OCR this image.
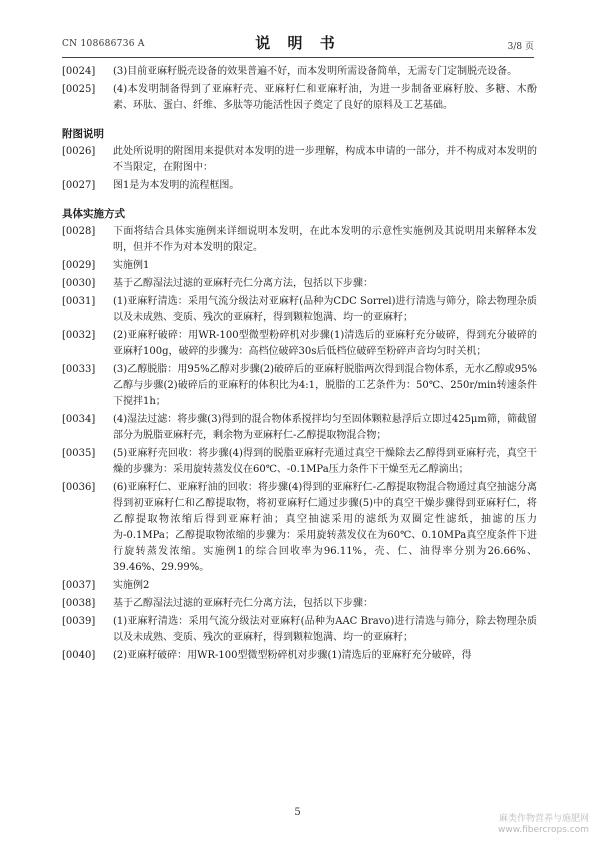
CN 108686736 A	说 明 书	3/8 页
[0024] (3)目前亚麻籽脱壳设备的效果普遍不好，而本发明所需设备简单，无需专门定制脱壳设备。
[0025] (4)本发明制备得到了亚麻籽壳、亚麻籽仁和亚麻籽油，为进一步制备亚麻籽胶、多糖、木酚素、环肽、蛋白、纤维、多肽等功能活性因子奠定了良好的原料及工艺基础。
附图说明
[0026] 此处所说明的附图用来提供对本发明的进一步理解，构成本申请的一部分，并不构成对本发明的不当限定，在附图中：
[0027] 图1是为本发明的流程框图。
具体实施方式
[0028] 下面将结合具体实施例来详细说明本发明，在此本发明的示意性实施例及其说明用来解释本发明，但并不作为对本发明的限定。
[0029] 实施例1
[0030] 基于乙醇湿法过滤的亚麻籽壳仁分离方法，包括以下步骤：
[0031] (1)亚麻籽清选：采用气流分级法对亚麻籽(品种为CDC Sorrel)进行清选与筛分，除去物理杂质以及未成熟、变质、残次的亚麻籽，得到颗粒饱满、均一的亚麻籽；
[0032] (2)亚麻籽破碎：用WR-100型微型粉碎机对步骤(1)清选后的亚麻籽充分破碎，得到充分破碎的亚麻籽100g，破碎的步骤为：高档位破碎30s后低档位破碎至粉碎声音均匀时关机；
[0033] (3)乙醇脱脂：用95%乙醇对步骤(2)破碎后的亚麻籽脱脂两次得到混合物体系，无水乙醇或95%乙醇与步骤(2)破碎后的亚麻籽的体积比为4:1，脱脂的工艺条件为：50℃、250r/min转速条件下搅拌1h；
[0034] (4)湿法过滤：将步骤(3)得到的混合物体系搅拌均匀至固体颗粒悬浮后立即过425μm筛，筛截留部分为脱脂亚麻籽壳，剩余物为亚麻籽仁-乙醇提取物混合物；
[0035] (5)亚麻籽壳回收：将步骤(4)得到的脱脂亚麻籽壳通过真空干燥除去乙醇得到亚麻籽壳，真空干燥的步骤为：采用旋转蒸发仪在60℃、-0.1MPa压力条件下干燥至无乙醇滴出；
[0036] (6)亚麻籽仁、亚麻籽油的回收：将步骤(4)得到的亚麻籽仁-乙醇提取物混合物通过真空抽滤分离得到初亚麻籽仁和乙醇提取物，将初亚麻籽仁通过步骤(5)中的真空干燥步骤得到亚麻籽仁，将乙醇提取物浓缩后得到亚麻籽油；真空抽滤采用的滤纸为双圈定性滤纸，抽滤的压力为-0.1MPa；乙醇提取物浓缩的步骤为：采用旋转蒸发仪在为60℃、0.10MPa真空度条件下进行旋转蒸发浓缩。实施例1的综合回收率为96.11%，壳、仁、油得率分别为26.66%、39.46%、29.99%。
[0037] 实施例2
[0038] 基于乙醇湿法过滤的亚麻籽壳仁分离方法，包括以下步骤：
[0039] (1)亚麻籽清选：采用气流分级法对亚麻籽(品种为AAC Bravo)进行清选与筛分，除去物理杂质以及未成熟、变质、残次的亚麻籽，得到颗粒饱满、均一的亚麻籽；
[0040] (2)亚麻籽破碎：用WR-100型微型粉碎机对步骤(1)清选后的亚麻籽充分破碎，得
5
麻类作物营养与施肥网
www.fibercrops.com
